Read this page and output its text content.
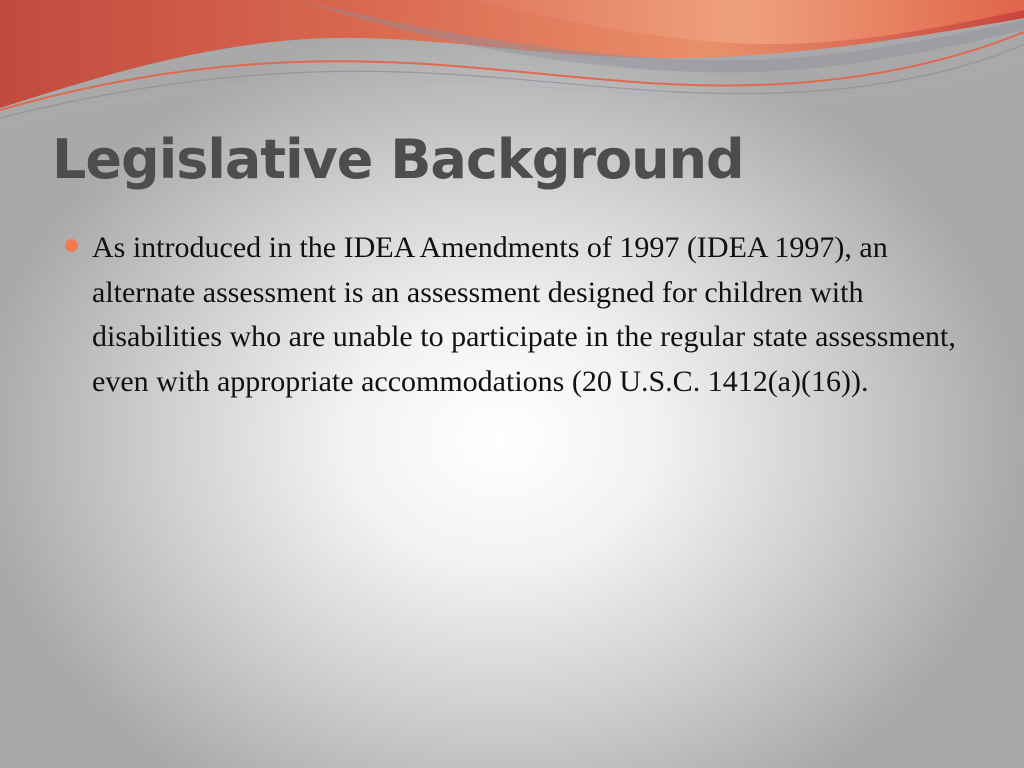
Legislative Background
As introduced in the IDEA Amendments of 1997 (IDEA 1997), an alternate assessment is an assessment designed for children with disabilities who are unable to participate in the regular state assessment, even with appropriate accommodations (20 U.S.C. 1412(a)(16)).
